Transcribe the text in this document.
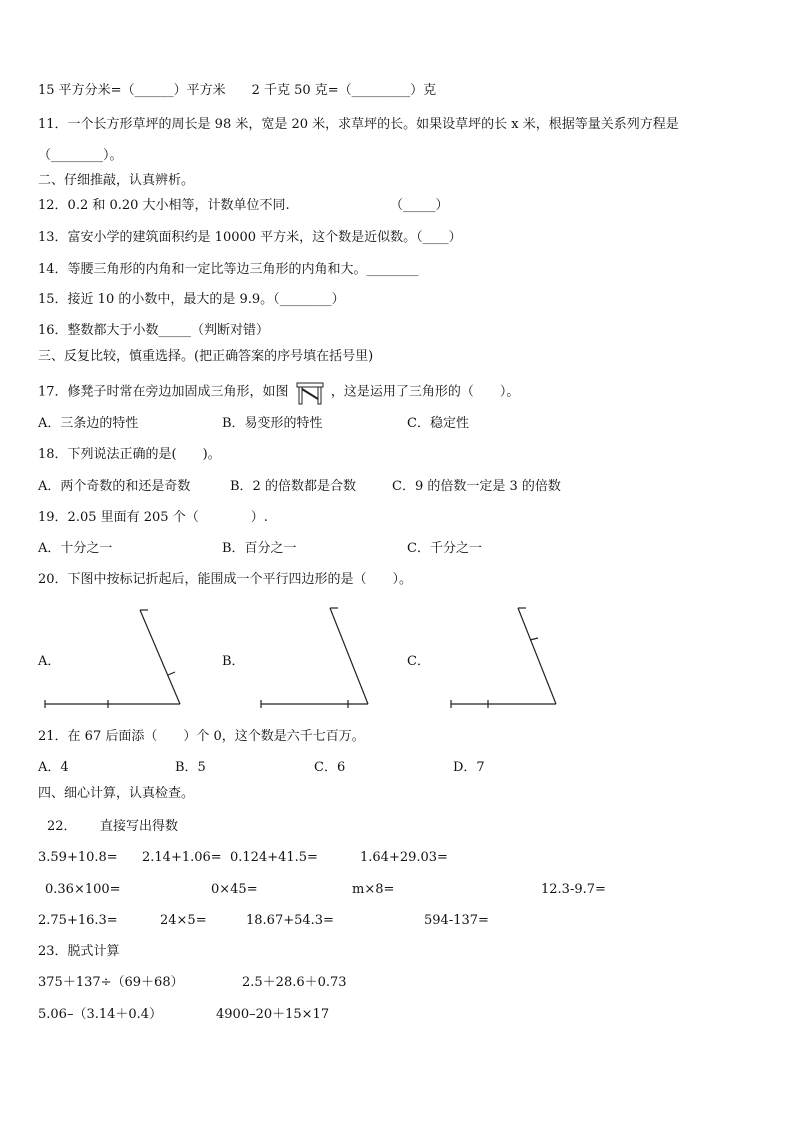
15 平方分米=（______）平方米　　2 千克 50 克=（_________）克
11．一个长方形草坪的周长是 98 米，宽是 20 米，求草坪的长。如果设草坪的长 x 米，根据等量关系列方程是
（________）。
二、仔细推敲，认真辨析。
12．0.2 和 0.20 大小相等，计数单位不同.	（_____）
13．富安小学的建筑面积约是 10000 平方米，这个数是近似数。（____）
14．等腰三角形的内角和一定比等边三角形的内角和大。________
15．接近 10 的小数中，最大的是 9.9。（________）
16．整数都大于小数_____（判断对错）
三、反复比较，慎重选择。(把正确答案的序号填在括号里)
17．修凳子时常在旁边加固成三角形，如图	，这是运用了三角形的（　　）。
A．三条边的特性	B．易变形的特性	C．稳定性
18．下列说法正确的是(　　)。
A．两个奇数的和还是奇数	B．2 的倍数都是合数	C．9 的倍数一定是 3 的倍数
19．2.05 里面有 205 个（　　　　）.
A．十分之一	B．百分之一	C．千分之一
20．下图中按标记折起后，能围成一个平行四边形的是（　　）。
A．	B．	C．
21．在 67 后面添（　　）个 0，这个数是六千七百万。
A．4	B．5	C．6	D．7
四、细心计算，认真检查。
22． 直接写出得数
3.59+10.8= 2.14+1.06= 0.124+41.5=	1.64+29.03=
0.36×100=	0×45=	m×8=	12.3-9.7=
2.75+16.3=	24×5=	18.67+54.3=	594-137=
23．脱式计算
375＋137÷（69＋68）	2.5＋28.6＋0.73
5.06–（3.14＋0.4）	4900–20＋15×17
